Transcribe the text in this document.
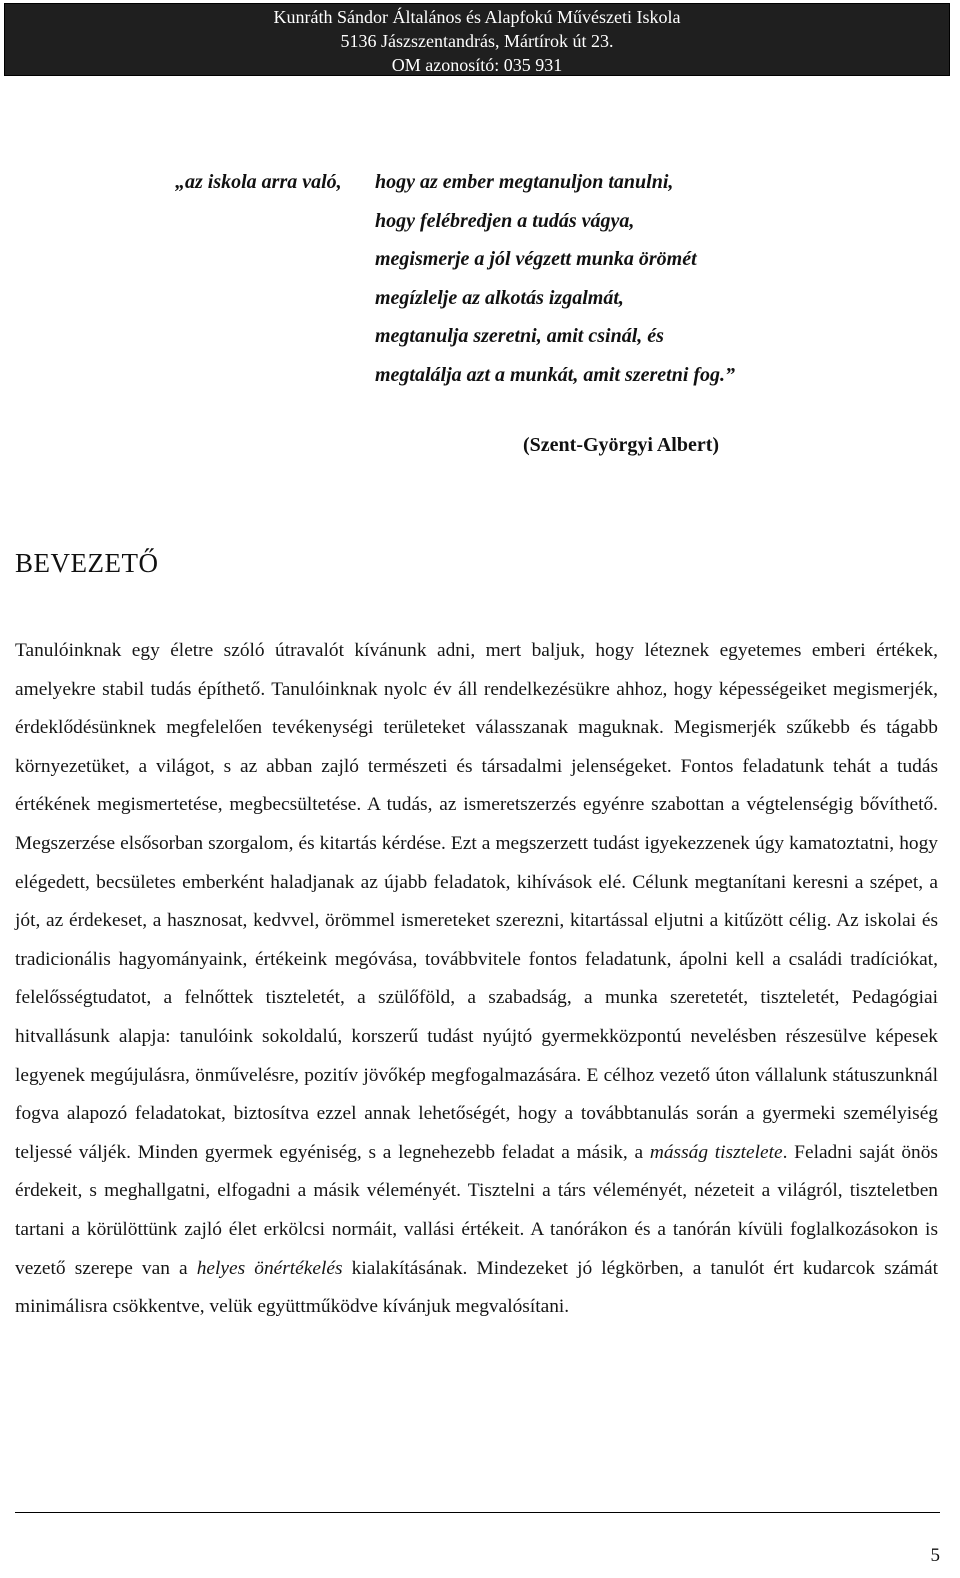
Kunráth Sándor Általános és Alapfokú Művészeti Iskola
5136 Jászszentandrás, Mártírok út 23.
OM azonosító: 035 931
„az iskola arra való, hogy az ember megtanuljon tanulni,
hogy felébredjen a tudás vágya,
megismerje a jól végzett munka örömét
megízlelje az alkotás izgalmát,
megtanulja szeretni, amit csinál, és
megtalálja azt a munkát, amit szeretni fog.”
(Szent-Györgyi Albert)
BEVEZETŐ
Tanulóinknak egy életre szóló útravalót kívánunk adni, mert baljuk, hogy léteznek egyetemes emberi értékek, amelyekre stabil tudás építhető. Tanulóinknak nyolc év áll rendelkezésükre ahhoz, hogy képességeiket megismerjék, érdeklődésünknek megfelelően tevékenységi területeket válasszanak maguknak. Megismerjék szűkebb és tágabb környezetüket, a világot, s az abban zajló természeti és társadalmi jelenségeket. Fontos feladatunk tehát a tudás értékének megismertetése, megbecsültetése. A tudás, az ismeretszerzés egyénre szabottan a végtelenségig bővíthető. Megszerzése elsősorban szorgalom, és kitartás kérdése. Ezt a megszerzett tudást igyekezzenek úgy kamatoztatni, hogy elégedett, becsületes emberként haladjanak az újabb feladatok, kihívások elé. Célunk megtanítani keresni a szépet, a jót, az érdekeset, a hasznosat, kedvvel, örömmel ismereteket szerezni, kitartással eljutni a kitűzött célig. Az iskolai és tradicionális hagyományaink, értékeink megóvása, továbbvitele fontos feladatunk, ápolni kell a családi tradíciókat, felelősségtudatot, a felnőttek tiszteletét, a szülőföld, a szabadság, a munka szeretetét, tiszteletét, Pedagógiai hitvallásunk alapja: tanulóink sokoldalú, korszerű tudást nyújtó gyermekközpontú nevelésben részesülve képesek legyenek megújulásra, önművelésre, pozitív jövőkép megfogalmazására. E célhoz vezető úton vállalunk státuszunknál fogva alapozó feladatokat, biztosítva ezzel annak lehetőségét, hogy a továbbtanulás során a gyermeki személyiség teljessé váljék. Minden gyermek egyéniség, s a legnehezebb feladat a másik, a másság tisztelete. Feladni saját önös érdekeit, s meghallgatni, elfogadni a másik véleményét. Tisztelni a társ véleményét, nézeteit a világról, tiszteletben tartani a körülöttünk zajló élet erkölcsi normáit, vallási értékeit. A tanórákon és a tanórán kívüli foglalkozásokon is vezető szerepe van a helyes önértékelés kialakításának. Mindezeket jó légkörben, a tanulót ért kudarcok számát minimálisra csökkentve, velük együttműködve kívánjuk megvalósítani.
5
